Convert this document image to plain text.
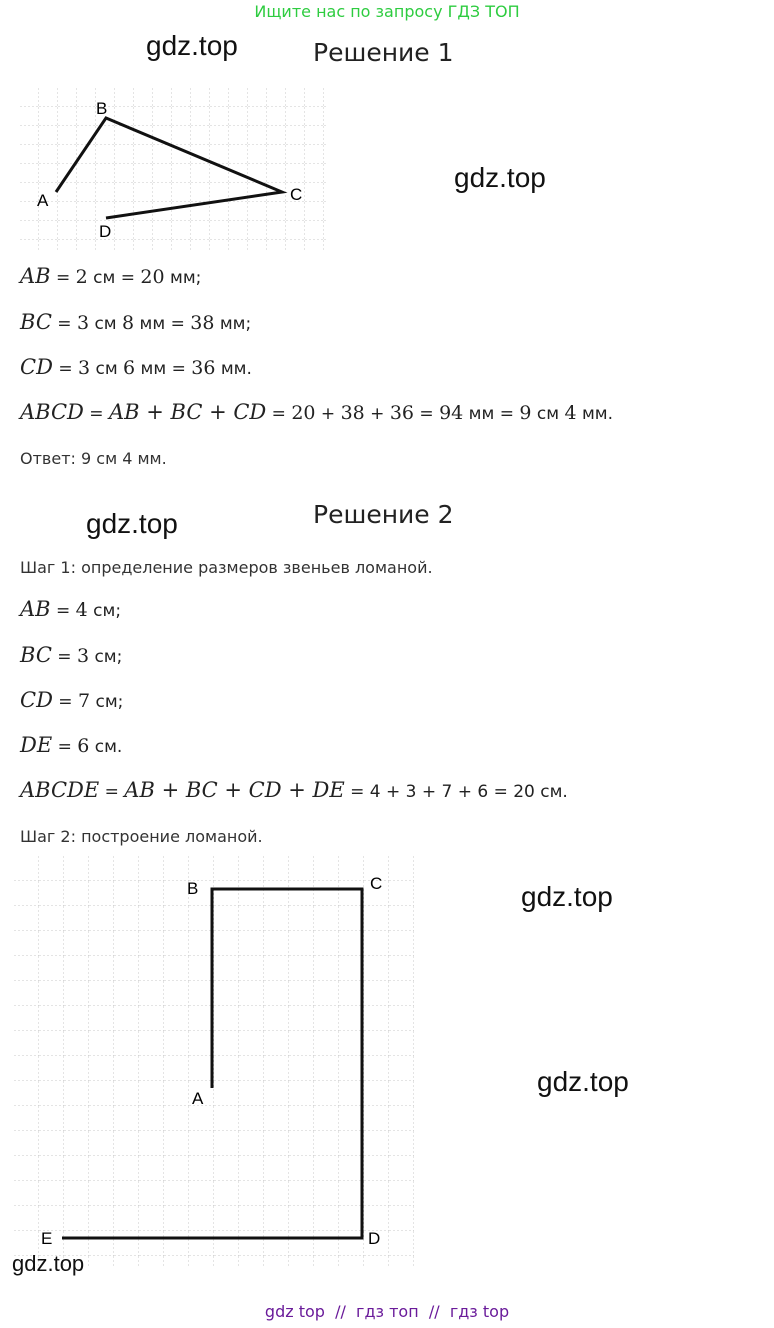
Ищите нас по запросу ГДЗ ТОП
gdz.top	Решение 1
gdz.top
B
A	C
D
AB = 2 см = 20 мм;
BC = 3 см 8 мм = 38 мм;
CD = 3 см 6 мм = 36 мм.
ABCD = AB + BC + CD = 20 + 38 + 36 = 94 мм = 9 см 4 мм.
Ответ: 9 см 4 мм.
gdz.top	Решение 2
Шаг 1: определение размеров звеньев ломаной.
AB = 4 см;
BC = 3 см;
CD = 7 см;
DE = 6 см.
ABCDE = AB + BC + CD + DE = 4 + 3 + 7 + 6 = 20 см.
Шаг 2: построение ломаной.
A
B	C
D
E
gdz.top
gdz.top
gdz.top
gdz top // гдз топ // гдз top
